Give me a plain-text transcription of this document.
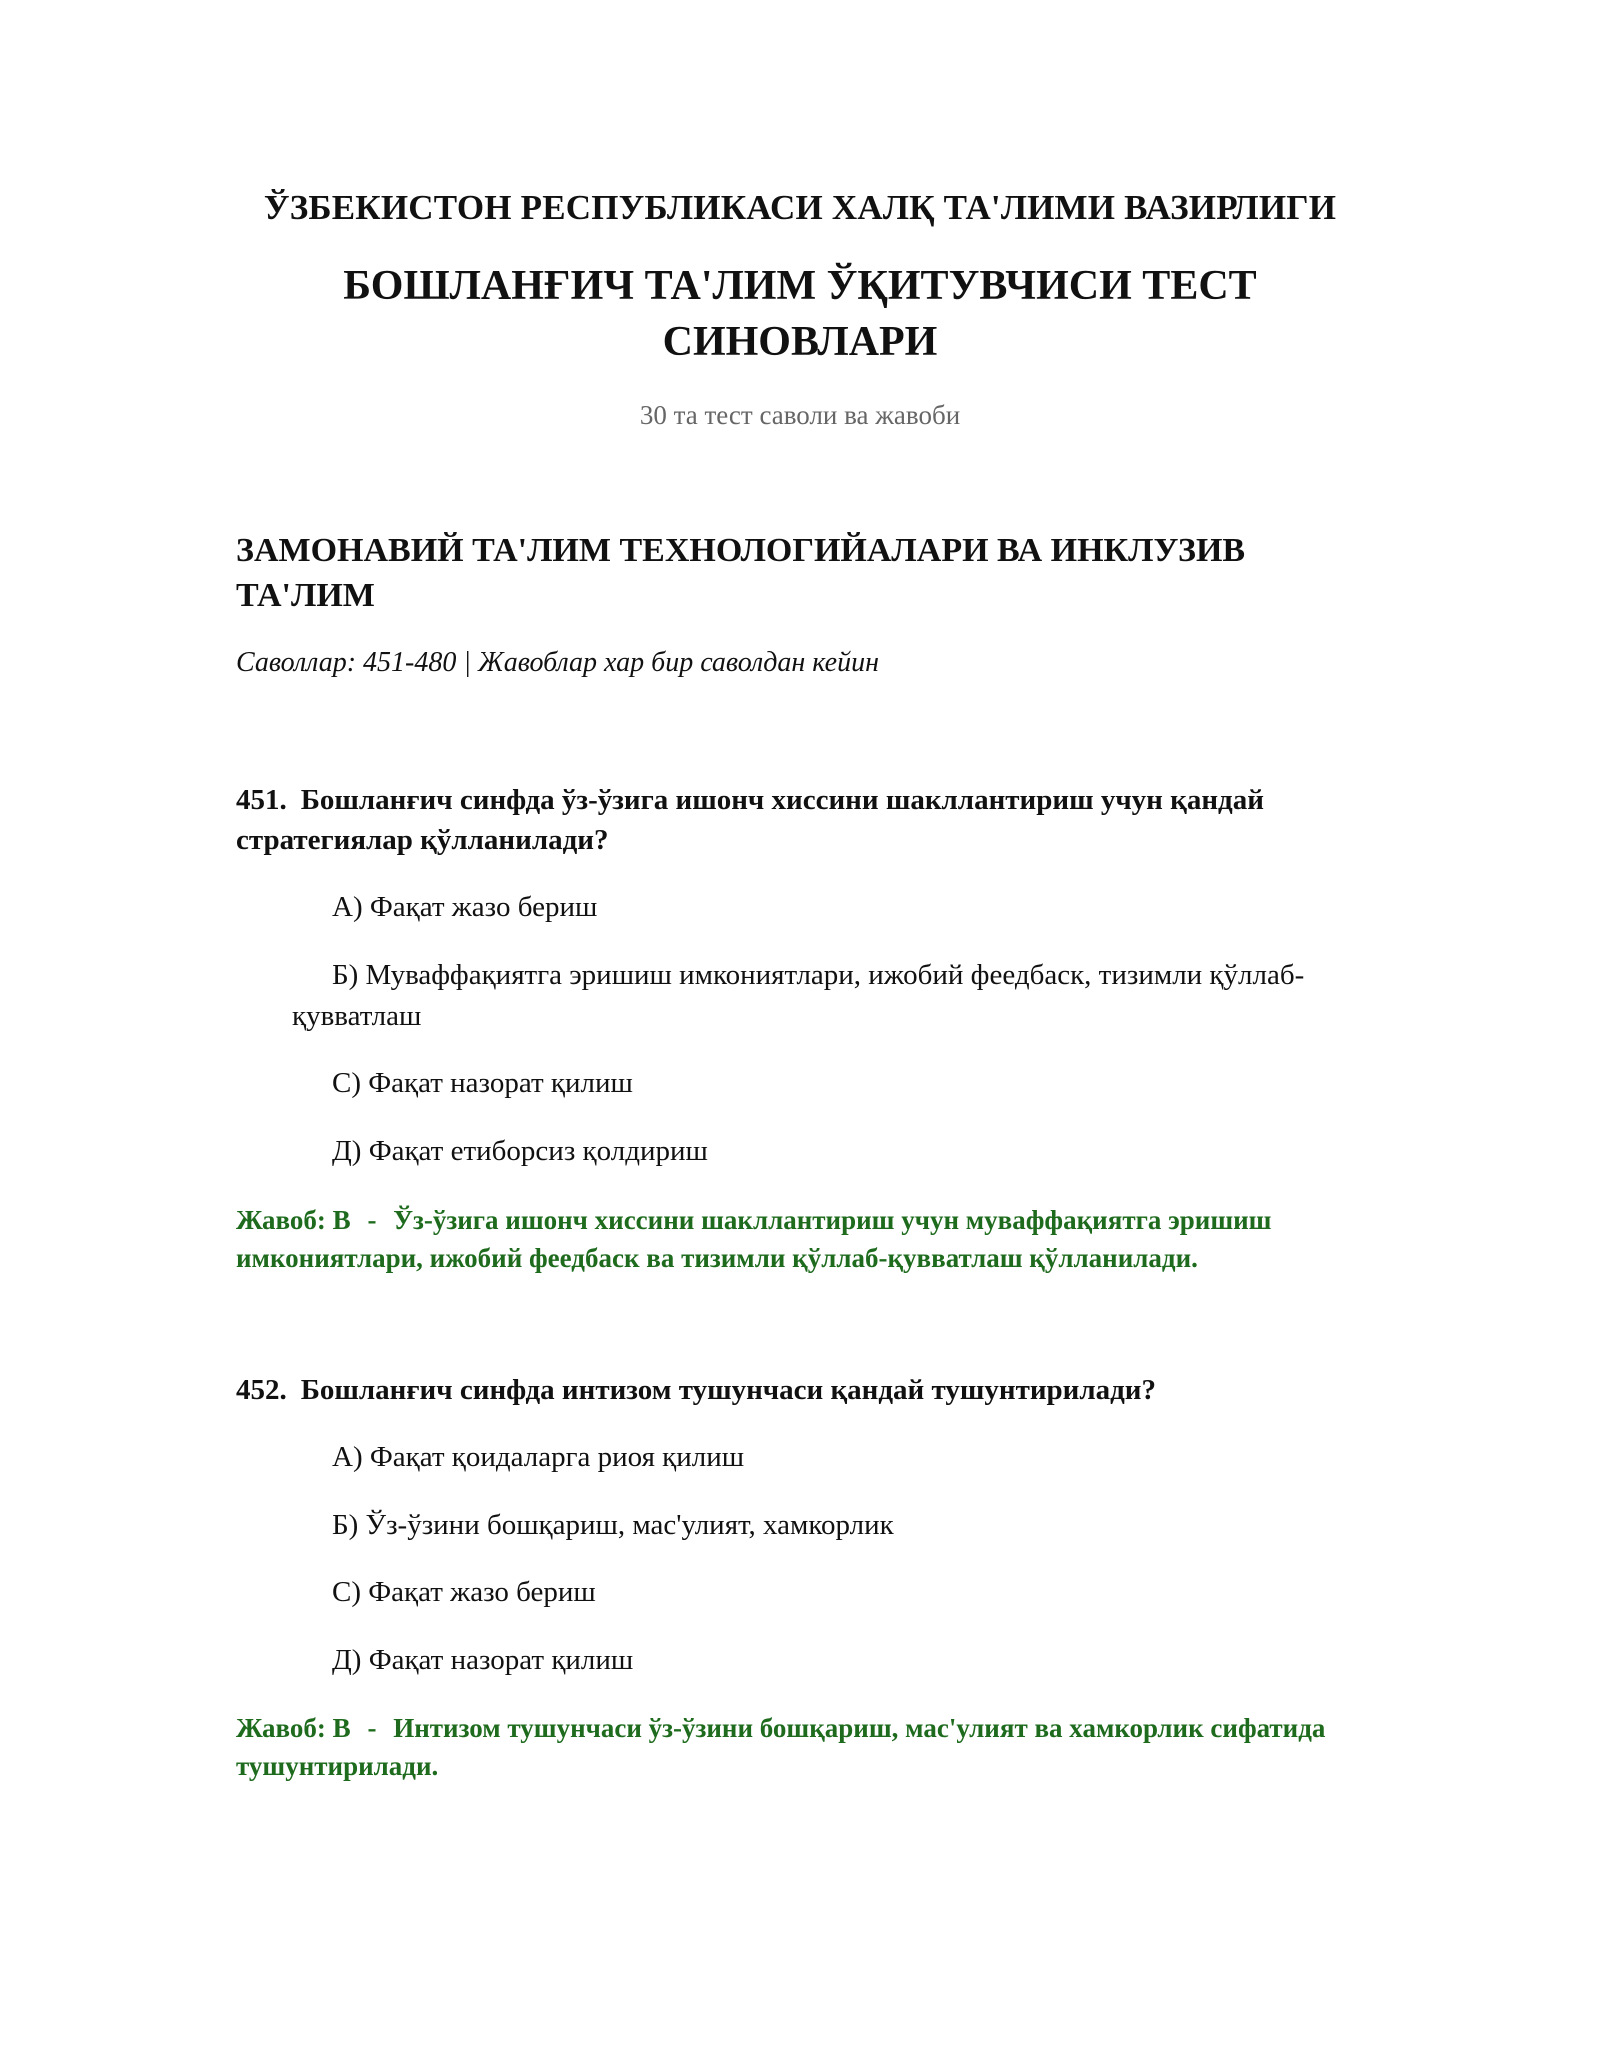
ЎЗБЕКИСТОН РЕСПУБЛИКАСИ ХАЛҚ ТА'ЛИМИ ВАЗИРЛИГИ
БОШЛАНҒИЧ ТА'ЛИМ ЎҚИТУВЧИСИ ТЕСТ СИНОВЛАРИ
30 та тест саволи ва жавоби
ЗАМОНАВИЙ ТА'ЛИМ ТЕХНОЛОГИЙАЛАРИ ВА ИНКЛУЗИВ ТА'ЛИМ
Саволлар: 451-480 | Жавоблар хар бир саволдан кейин
451. Бошланғич синфда ўз-ўзига ишонч хиссини шакллантириш учун қандай стратегиялар қўлланилади?
А) Фақат жазо бериш
Б) Муваффақиятга эришиш имкониятлари, ижобий феедбаск, тизимли қўллаб-қувватлаш
С) Фақат назорат қилиш
Д) Фақат етиборсиз қолдириш
Жавоб: В - Ўз-ўзига ишонч хиссини шакллантириш учун муваффақиятга эришиш имкониятлари, ижобий феедбаск ва тизимли қўллаб-қувватлаш қўлланилади.
452. Бошланғич синфда интизом тушунчаси қандай тушунтирилади?
А) Фақат қоидаларга риоя қилиш
Б) Ўз-ўзини бошқариш, мас'улият, хамкорлик
С) Фақат жазо бериш
Д) Фақат назорат қилиш
Жавоб: В - Интизом тушунчаси ўз-ўзини бошқариш, мас'улият ва хамкорлик сифатида тушунтирилади.
